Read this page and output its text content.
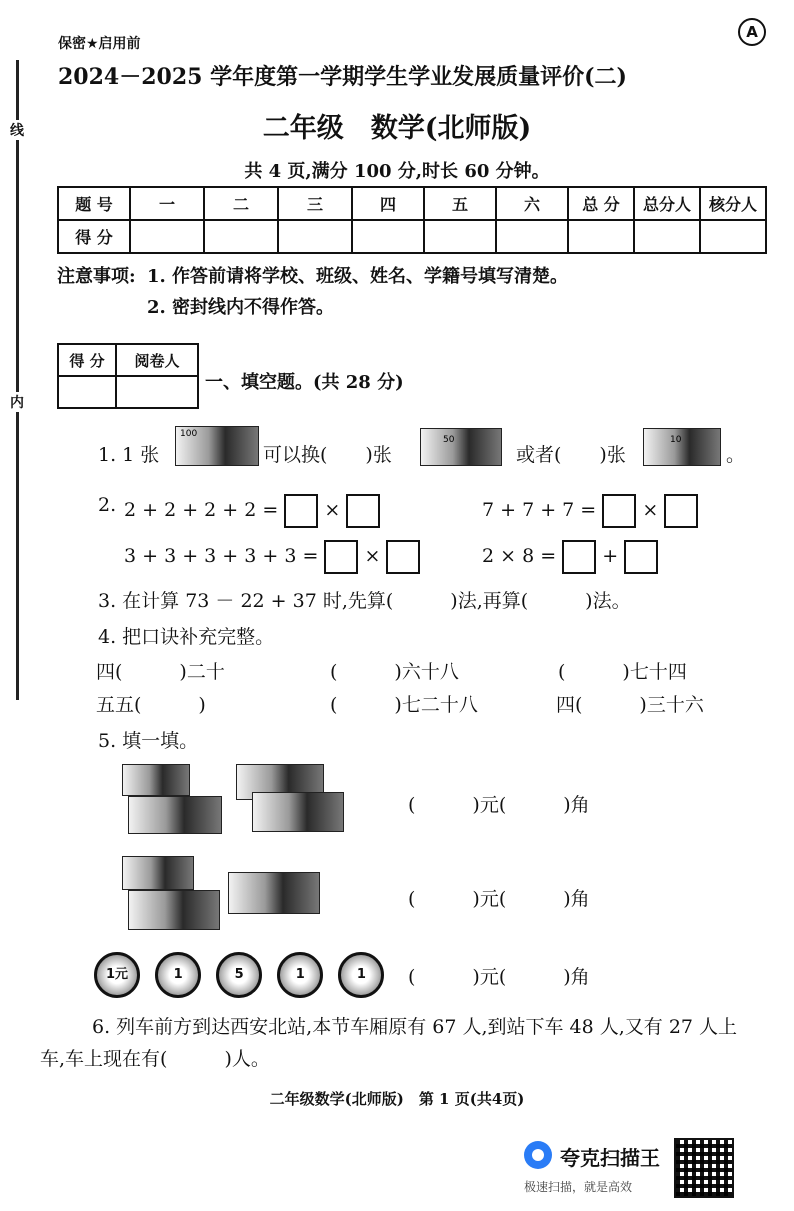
保密★启用前
A
2024－2025 学年度第一学期学生学业发展质量评价(二)
二年级　数学(北师版)
共 4 页,满分 100 分,时长 60 分钟。
线
内
题 号	一	二	三	四	五	六	总 分	总分人	核分人
得 分									
注意事项: 1. 作答前请将学校、班级、姓名、学籍号填写清楚。
2. 密封线内不得作答。
得 分	阅卷人

一、填空题。(共 28 分)
1. 1 张
100
可以换(　　)张
50
或者(　　)张
10
。
2. 2 + 2 + 2 + 2 = ×	7 + 7 + 7 = ×
3 + 3 + 3 + 3 + 3 = ×	2 × 8 = +
3. 在计算 73 － 22 + 37 时,先算(　　　)法,再算(　　　)法。
4. 把口诀补充完整。
四(　　　)二十	(　　　)六十八	(　　　)七十四
五五(　　　)	(　　　)七二十八	四(　　　)三十六
5. 填一填。
(　　　)元(　　　)角
(　　　)元(　　　)角
1元	1	5	1	1	(　　　)元(　　　)角
6. 列车前方到达西安北站,本节车厢原有 67 人,到站下车 48 人,又有 27 人上
车,车上现在有(　　　)人。
二年级数学(北师版)　第 1 页(共4页)
夸克扫描王
极速扫描，就是高效
